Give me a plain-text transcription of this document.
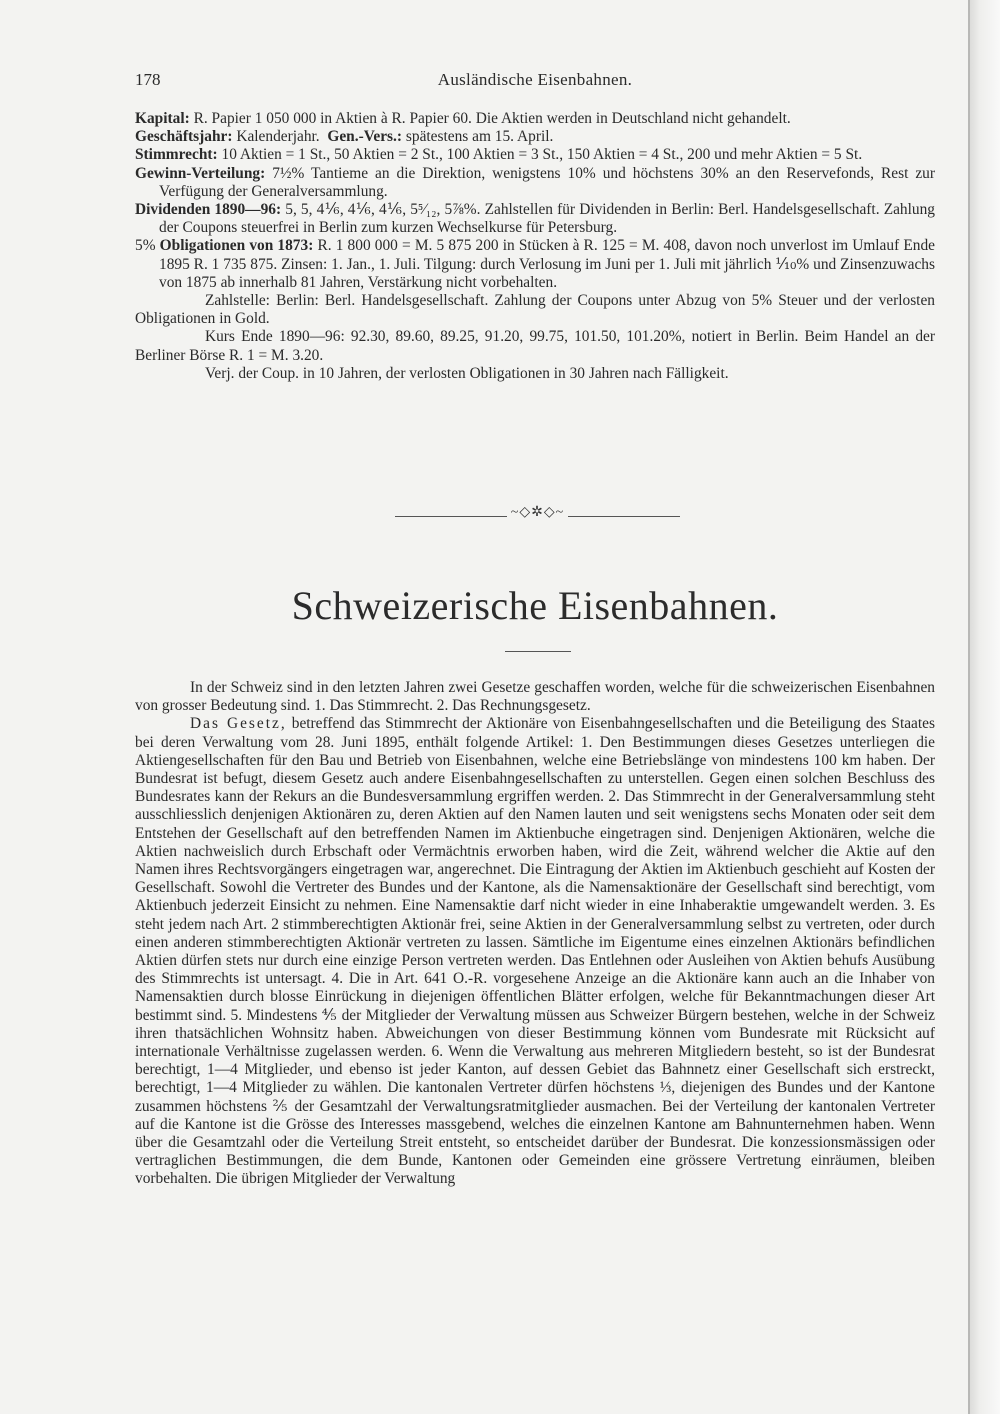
178	Ausländische Eisenbahnen.

Kapital: R. Papier 1 050 000 in Aktien à R. Papier 60. Die Aktien werden in Deutschland nicht gehandelt.

Geschäftsjahr: Kalenderjahr. Gen.-Vers.: spätestens am 15. April.

Stimmrecht: 10 Aktien = 1 St., 50 Aktien = 2 St., 100 Aktien = 3 St., 150 Aktien = 4 St., 200 und mehr Aktien = 5 St.

Gewinn-Verteilung: 7½% Tantieme an die Direktion, wenigstens 10% und höchstens 30% an den Reservefonds, Rest zur Verfügung der Generalversammlung.

Dividenden 1890—96: 5, 5, 4⅙, 4⅙, 4⅙, 5⁵⁄₁₂, 5⅞%. Zahlstellen für Dividenden in Berlin: Berl. Handelsgesellschaft. Zahlung der Coupons steuerfrei in Berlin zum kurzen Wechselkurse für Petersburg.

5% Obligationen von 1873: R. 1 800 000 = M. 5 875 200 in Stücken à R. 125 = M. 408, davon noch unverlost im Umlauf Ende 1895 R. 1 735 875. Zinsen: 1. Jan., 1. Juli. Tilgung: durch Verlosung im Juni per 1. Juli mit jährlich ⅒% und Zinsenzuwachs von 1875 ab innerhalb 81 Jahren, Verstärkung nicht vorbehalten.

Zahlstelle: Berlin: Berl. Handelsgesellschaft. Zahlung der Coupons unter Abzug von 5% Steuer und der verlosten Obligationen in Gold.

Kurs Ende 1890—96: 92.30, 89.60, 89.25, 91.20, 99.75, 101.50, 101.20%, notiert in Berlin. Beim Handel an der Berliner Börse R. 1 = M. 3.20.

Verj. der Coup. in 10 Jahren, der verlosten Obligationen in 30 Jahren nach Fälligkeit.

~◇✲◇~
Schweizerische Eisenbahnen.

In der Schweiz sind in den letzten Jahren zwei Gesetze geschaffen worden, welche für die schweizerischen Eisenbahnen von grosser Bedeutung sind. 1. Das Stimmrecht. 2. Das Rechnungsgesetz.

Das Gesetz, betreffend das Stimmrecht der Aktionäre von Eisenbahngesellschaften und die Beteiligung des Staates bei deren Verwaltung vom 28. Juni 1895, enthält folgende Artikel: 1. Den Bestimmungen dieses Gesetzes unterliegen die Aktiengesellschaften für den Bau und Betrieb von Eisenbahnen, welche eine Betriebslänge von mindestens 100 km haben. Der Bundesrat ist befugt, diesem Gesetz auch andere Eisenbahngesellschaften zu unterstellen. Gegen einen solchen Beschluss des Bundesrates kann der Rekurs an die Bundesversammlung ergriffen werden. 2. Das Stimmrecht in der Generalversammlung steht ausschliesslich denjenigen Aktionären zu, deren Aktien auf den Namen lauten und seit wenigstens sechs Monaten oder seit dem Entstehen der Gesellschaft auf den betreffenden Namen im Aktienbuche eingetragen sind. Denjenigen Aktionären, welche die Aktien nachweislich durch Erbschaft oder Vermächtnis erworben haben, wird die Zeit, während welcher die Aktie auf den Namen ihres Rechtsvorgängers eingetragen war, angerechnet. Die Eintragung der Aktien im Aktienbuch geschieht auf Kosten der Gesellschaft. Sowohl die Vertreter des Bundes und der Kantone, als die Namensaktionäre der Gesellschaft sind berechtigt, vom Aktienbuch jederzeit Einsicht zu nehmen. Eine Namensaktie darf nicht wieder in eine Inhaberaktie umgewandelt werden. 3. Es steht jedem nach Art. 2 stimmberechtigten Aktionär frei, seine Aktien in der Generalversammlung selbst zu vertreten, oder durch einen anderen stimmberechtigten Aktionär vertreten zu lassen. Sämtliche im Eigentume eines einzelnen Aktionärs befindlichen Aktien dürfen stets nur durch eine einzige Person vertreten werden. Das Entlehnen oder Ausleihen von Aktien behufs Ausübung des Stimmrechts ist untersagt. 4. Die in Art. 641 O.-R. vorgesehene Anzeige an die Aktionäre kann auch an die Inhaber von Namensaktien durch blosse Einrückung in diejenigen öffentlichen Blätter erfolgen, welche für Bekanntmachungen dieser Art bestimmt sind. 5. Mindestens ⅘ der Mitglieder der Verwaltung müssen aus Schweizer Bürgern bestehen, welche in der Schweiz ihren thatsächlichen Wohnsitz haben. Abweichungen von dieser Bestimmung können vom Bundesrate mit Rücksicht auf internationale Verhältnisse zugelassen werden. 6. Wenn die Verwaltung aus mehreren Mitgliedern besteht, so ist der Bundesrat berechtigt, 1—4 Mitglieder, und ebenso ist jeder Kanton, auf dessen Gebiet das Bahnnetz einer Gesellschaft sich erstreckt, berechtigt, 1—4 Mitglieder zu wählen. Die kantonalen Vertreter dürfen höchstens ⅓, diejenigen des Bundes und der Kantone zusammen höchstens ⅖ der Gesamtzahl der Verwaltungsratmitglieder ausmachen. Bei der Verteilung der kantonalen Vertreter auf die Kantone ist die Grösse des Interesses massgebend, welches die einzelnen Kantone am Bahnunternehmen haben. Wenn über die Gesamtzahl oder die Verteilung Streit entsteht, so entscheidet darüber der Bundesrat. Die konzessionsmässigen oder vertraglichen Bestimmungen, die dem Bunde, Kantonen oder Gemeinden eine grössere Vertretung einräumen, bleiben vorbehalten. Die übrigen Mitglieder der Verwaltung
